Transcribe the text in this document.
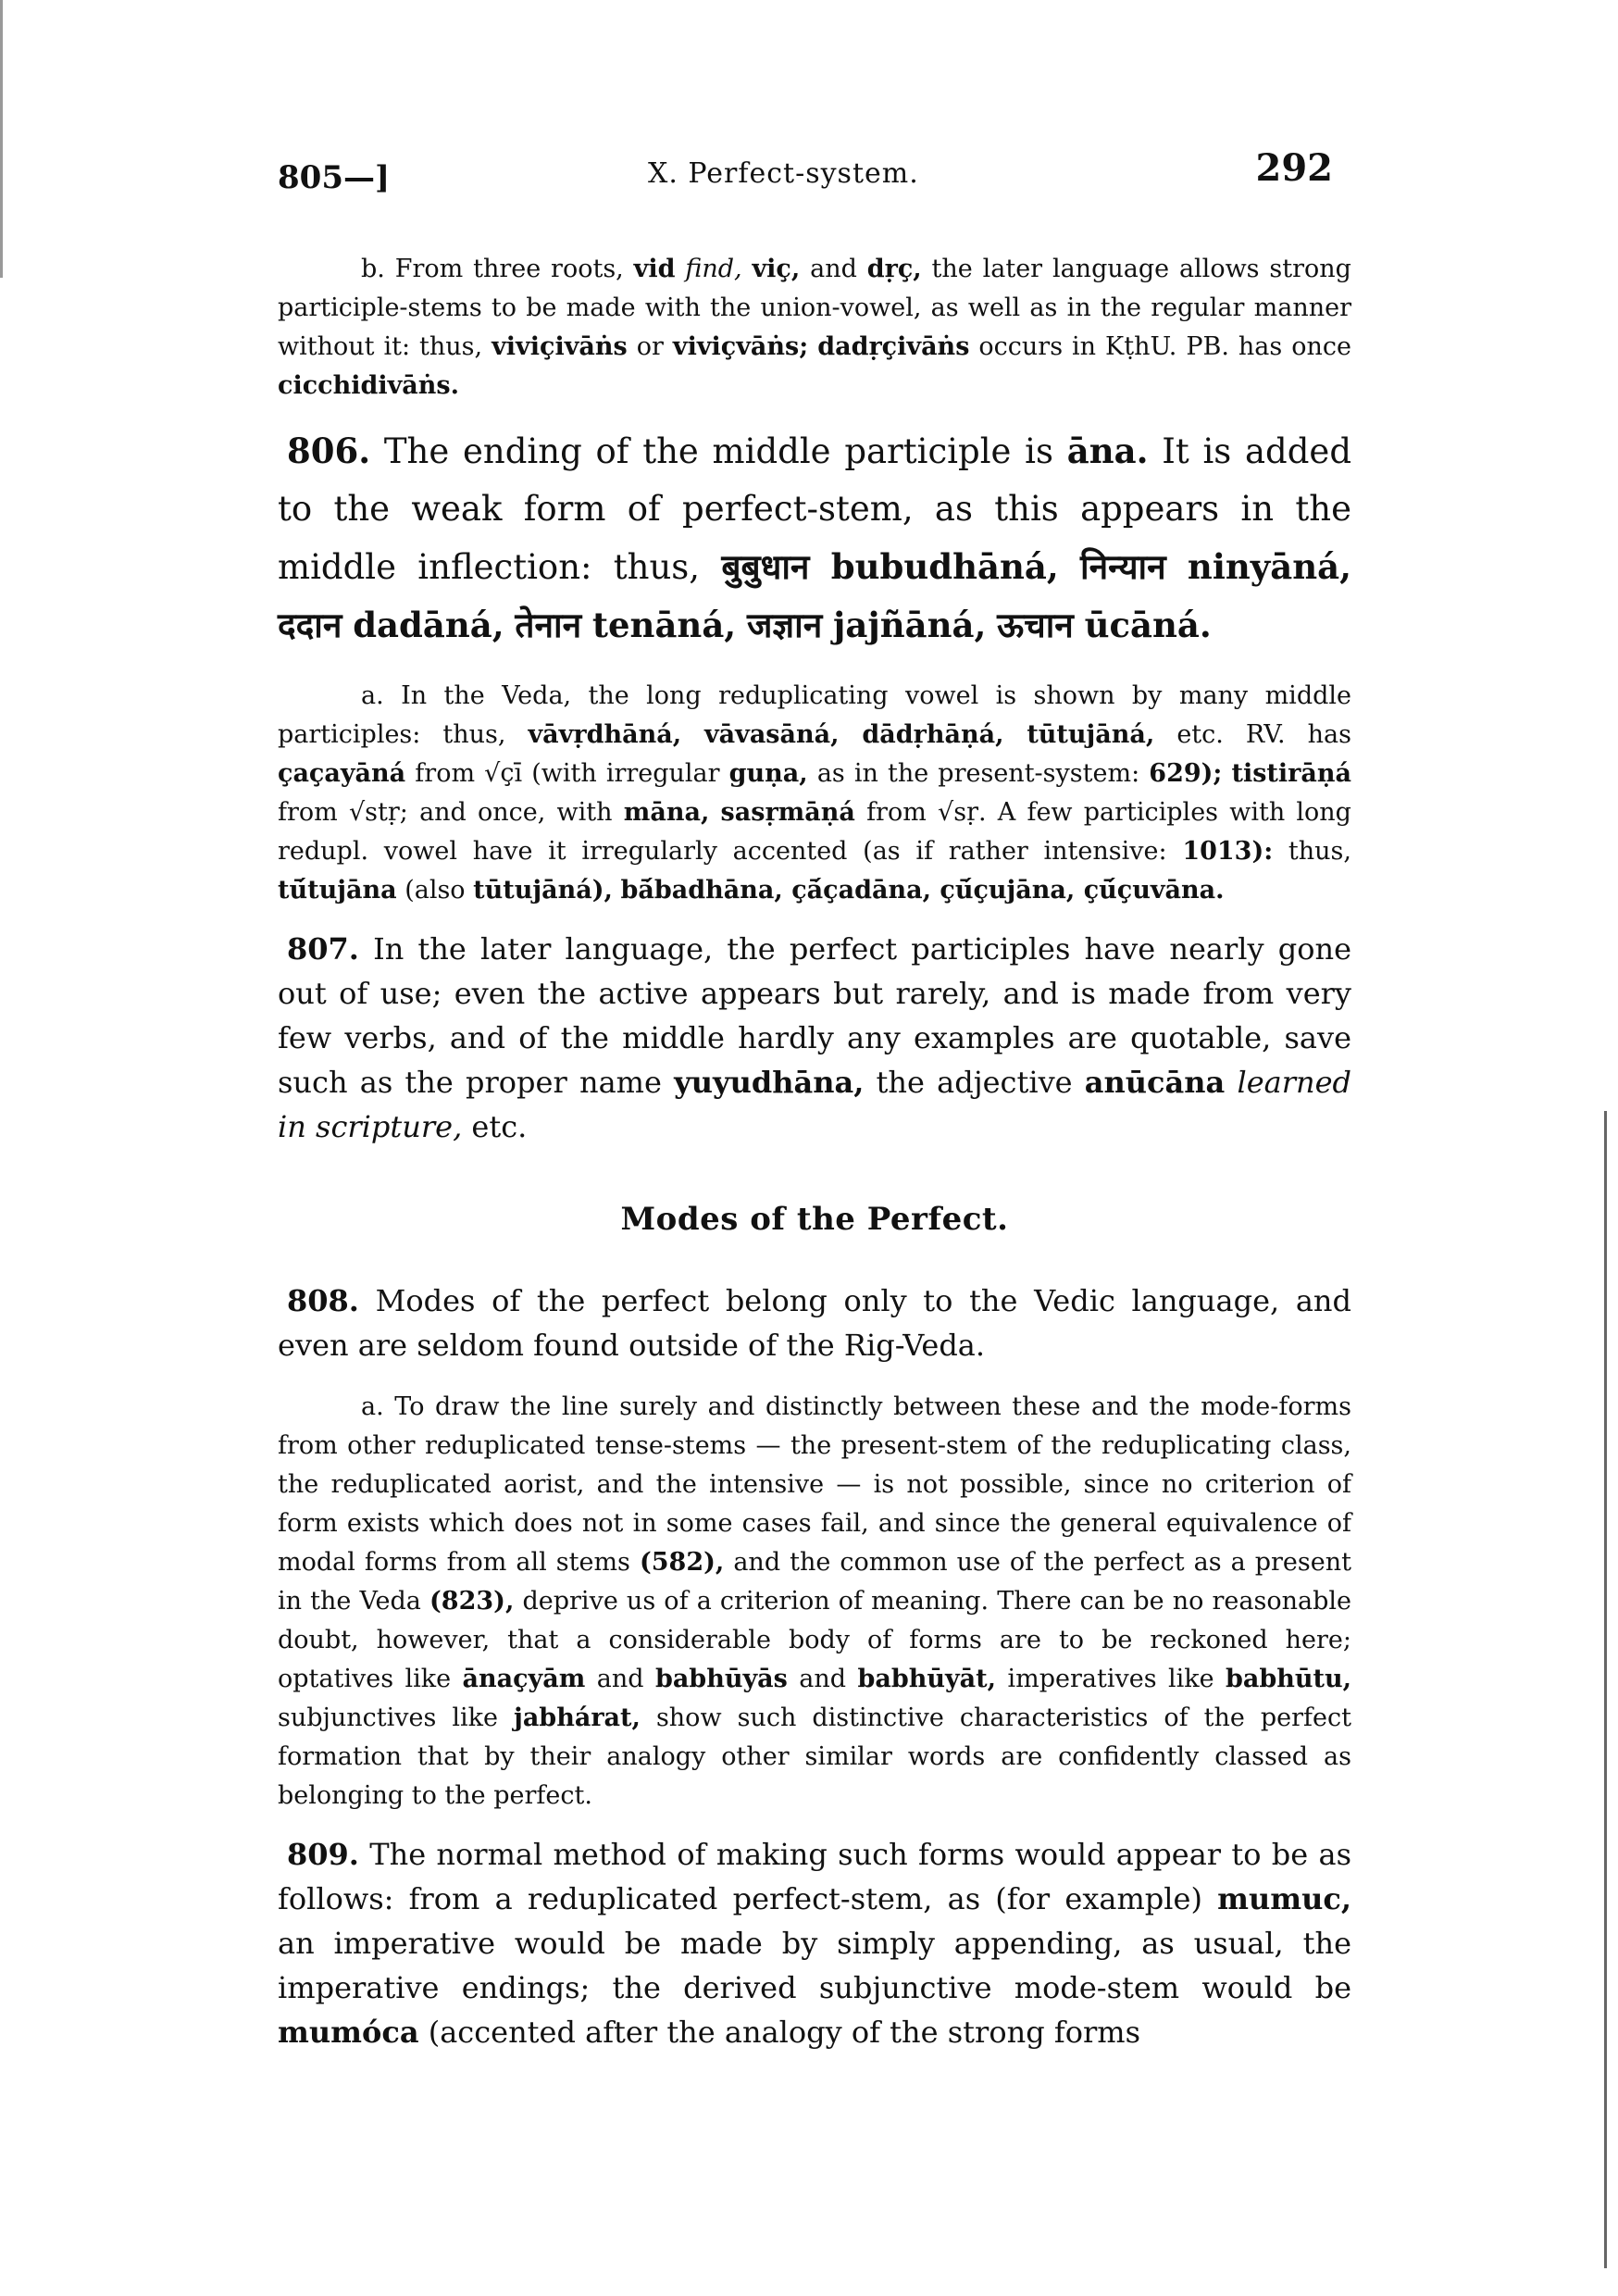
805—]	X. Perfect-system.	292

b. From three roots, vid find, viç, and dṛç, the later language allows strong participle-stems to be made with the union-vowel, as well as in the regular manner without it: thus, viviçivāṅs or viviçvāṅs; dadṛçivāṅs occurs in KṭhU. PB. has once cicchidivāṅs.

806. The ending of the middle participle is āna. It is added to the weak form of perfect-stem, as this appears in the middle inflection: thus, बुबुधान bubudhāná, निन्यान ninyāná, ददान dadāná, तेनान tenāná, जज्ञान jajñāná, ऊचान ūcāná.

a. In the Veda, the long reduplicating vowel is shown by many middle participles: thus, vāvṛdhāná, vāvasāná, dādṛhāṇá, tūtujāná, etc. RV. has çaçayāná from √çī (with irregular guṇa, as in the present-system: 629); tistirāṇá from √stṛ; and once, with māna, sasṛmāṇá from √sṛ. A few participles with long redupl. vowel have it irregularly accented (as if rather intensive: 1013): thus, tū́tujāna (also tūtujāná), bā́badhāna, çā́çadāna, çū́çujāna, çū́çuvāna.

807. In the later language, the perfect participles have nearly gone out of use; even the active appears but rarely, and is made from very few verbs, and of the middle hardly any examples are quotable, save such as the proper name yuyudhāna, the adjective anūcāna learned in scripture, etc.

Modes of the Perfect.

808. Modes of the perfect belong only to the Vedic language, and even are seldom found outside of the Rig-Veda.

a. To draw the line surely and distinctly between these and the mode-forms from other reduplicated tense-stems — the present-stem of the reduplicating class, the reduplicated aorist, and the intensive — is not possible, since no criterion of form exists which does not in some cases fail, and since the general equivalence of modal forms from all stems (582), and the common use of the perfect as a present in the Veda (823), deprive us of a criterion of meaning. There can be no reasonable doubt, however, that a considerable body of forms are to be reckoned here; optatives like ānaçyām and babhūyās and babhūyāt, imperatives like babhūtu, subjunctives like jabhárat, show such distinctive characteristics of the perfect formation that by their analogy other similar words are confidently classed as belonging to the perfect.

809. The normal method of making such forms would appear to be as follows: from a reduplicated perfect-stem, as (for example) mumuc, an imperative would be made by simply appending, as usual, the imperative endings; the derived subjunctive mode-stem would be mumóca (accented after the analogy of the strong forms
